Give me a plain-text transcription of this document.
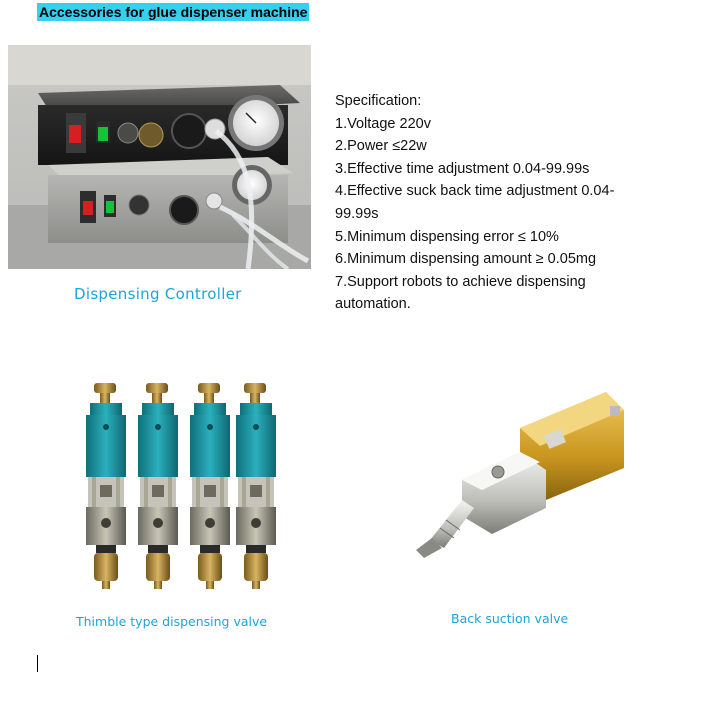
Accessories for glue dispenser machine
Dispensing Controller
Specification:
1.Voltage 220v
2.Power ≤22w
3.Effective time adjustment 0.04-99.99s
4.Effective suck back time adjustment 0.04-99.99s
5.Minimum dispensing error ≤ 10%
6.Minimum dispensing amount ≥ 0.05mg
7.Support robots to achieve dispensing automation.
Thimble type dispensing valve	Back suction valve
